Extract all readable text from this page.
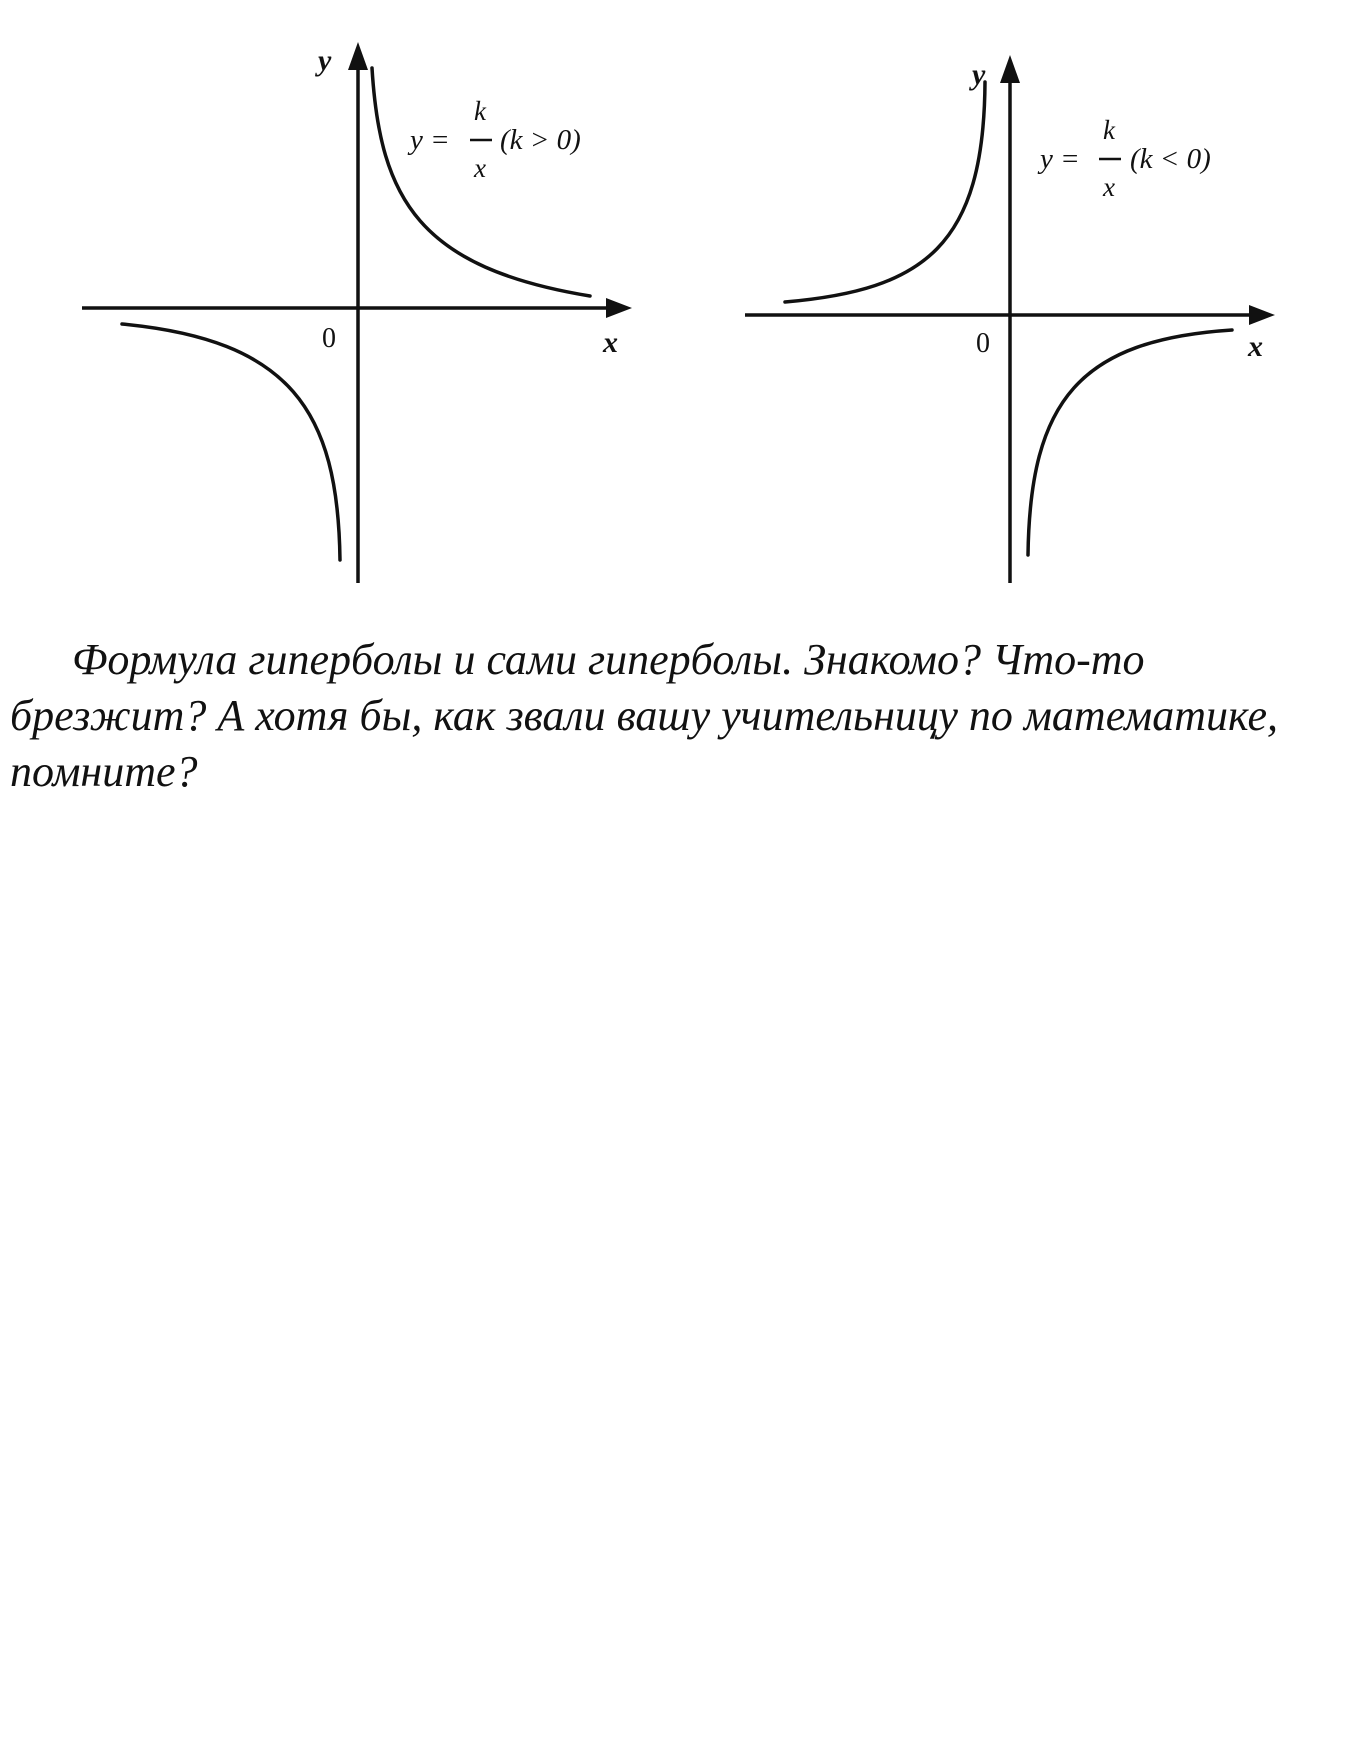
y
x
0
y =
k
x
(k > 0)
y
x
0
y =
k
x
(k < 0)

Формула гиперболы и сами гиперболы. Знакомо? Что-то брезжит? А хотя бы, как звали вашу учительницу по математике, помните?
